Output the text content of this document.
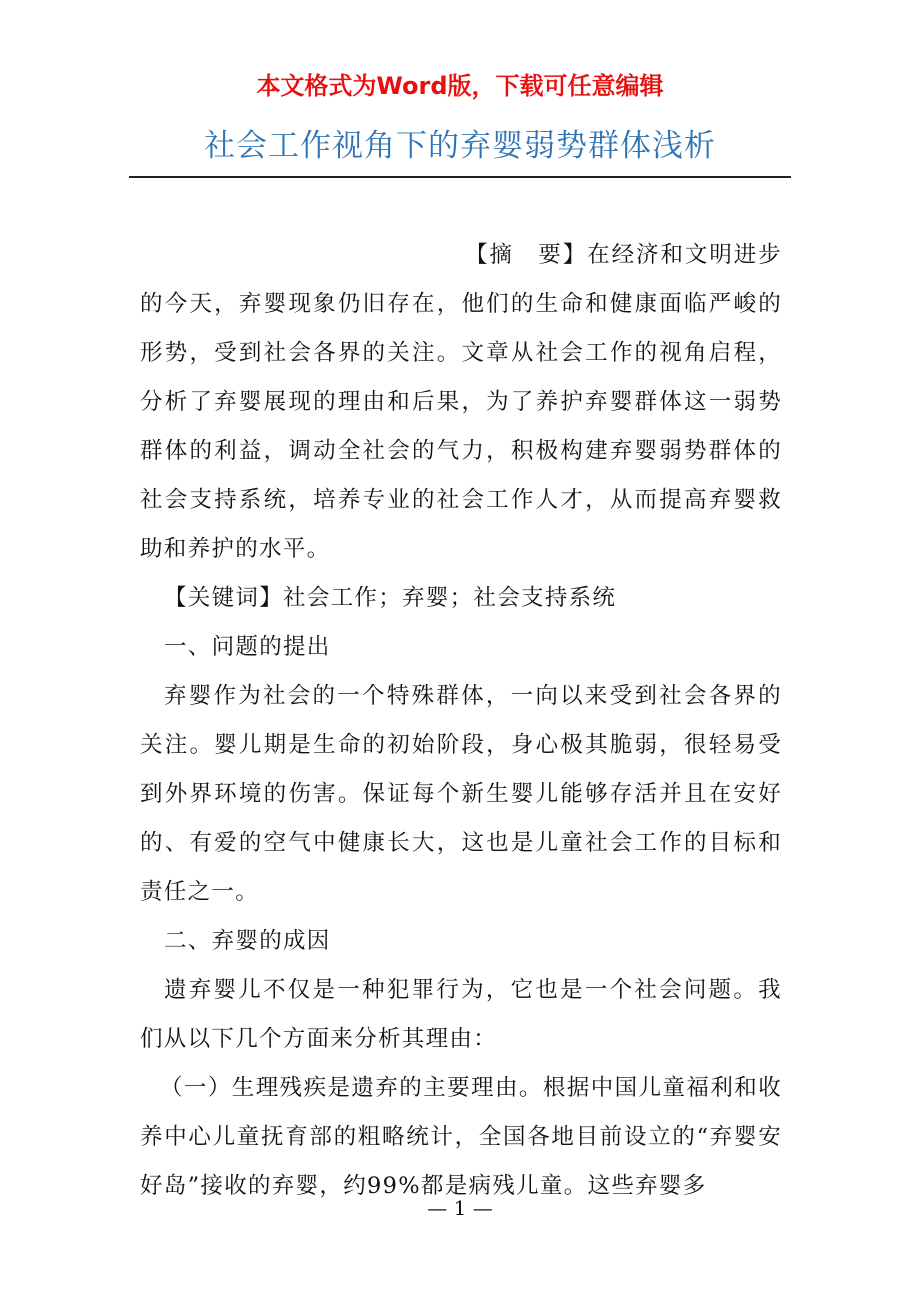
本文格式为Word版，下载可任意编辑
社会工作视角下的弃婴弱势群体浅析

【摘　要】在经济和文明进步的今天，弃婴现象仍旧存在，他们的生命和健康面临严峻的形势，受到社会各界的关注。文章从社会工作的视角启程，分析了弃婴展现的理由和后果，为了养护弃婴群体这一弱势群体的利益，调动全社会的气力，积极构建弃婴弱势群体的社会支持系统，培养专业的社会工作人才，从而提高弃婴救助和养护的水平。

【关键词】社会工作；弃婴；社会支持系统

一、问题的提出

弃婴作为社会的一个特殊群体，一向以来受到社会各界的关注。婴儿期是生命的初始阶段，身心极其脆弱，很轻易受到外界环境的伤害。保证每个新生婴儿能够存活并且在安好的、有爱的空气中健康长大，这也是儿童社会工作的目标和责任之一。

二、弃婴的成因

遗弃婴儿不仅是一种犯罪行为，它也是一个社会问题。我们从以下几个方面来分析其理由：

（一）生理残疾是遗弃的主要理由。根据中国儿童福利和收养中心儿童抚育部的粗略统计，全国各地目前设立的“弃婴安好岛”接收的弃婴，约99%都是病残儿童。这些弃婴多

— 1 —
